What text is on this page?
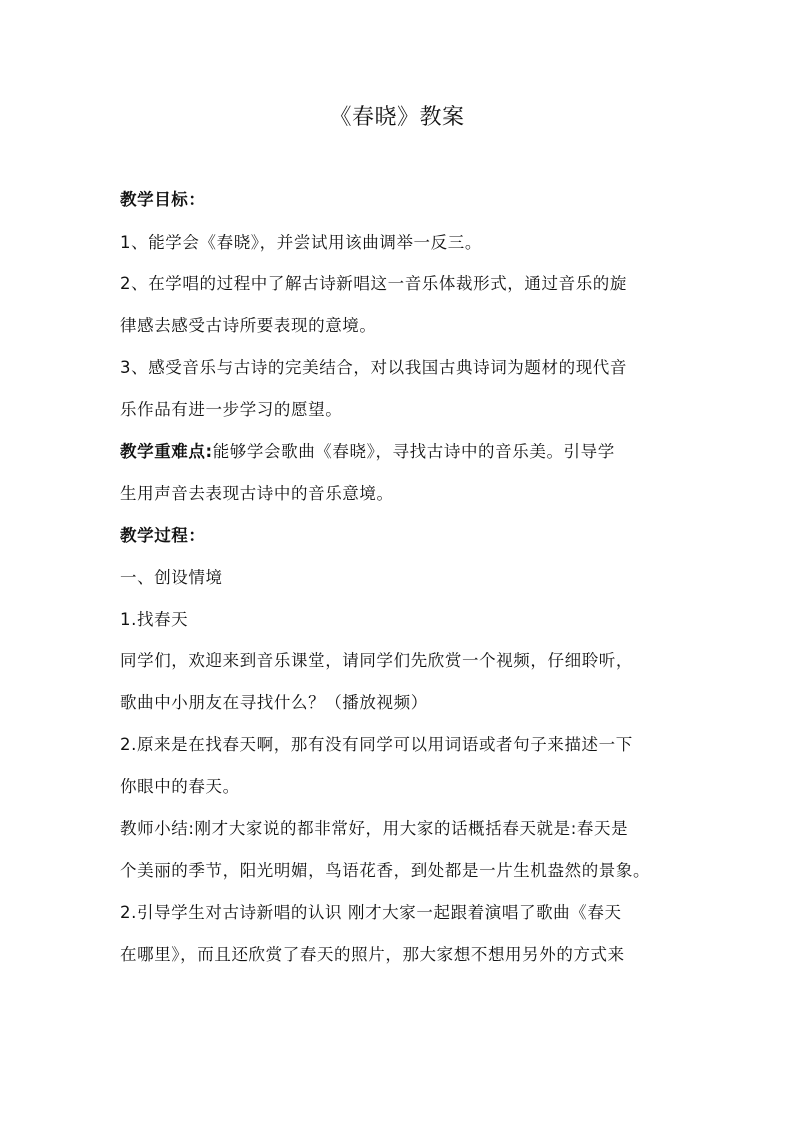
《春晓》教案
教学目标：
1、能学会《春晓》，并尝试用该曲调举一反三。
2、在学唱的过程中了解古诗新唱这一音乐体裁形式，通过音乐的旋
律感去感受古诗所要表现的意境。
3、感受音乐与古诗的完美结合，对以我国古典诗词为题材的现代音
乐作品有进一步学习的愿望。
教学重难点:能够学会歌曲《春晓》，寻找古诗中的音乐美。引导学
生用声音去表现古诗中的音乐意境。
教学过程：
一、创设情境
1.找春天
同学们，欢迎来到音乐课堂，请同学们先欣赏一个视频，仔细聆听，
歌曲中小朋友在寻找什么？（播放视频）
2.原来是在找春天啊，那有没有同学可以用词语或者句子来描述一下
你眼中的春天。
教师小结:刚才大家说的都非常好，用大家的话概括春天就是:春天是
个美丽的季节，阳光明媚，鸟语花香，到处都是一片生机盎然的景象。
2.引导学生对古诗新唱的认识 刚才大家一起跟着演唱了歌曲《春天
在哪里》，而且还欣赏了春天的照片，那大家想不想用另外的方式来
